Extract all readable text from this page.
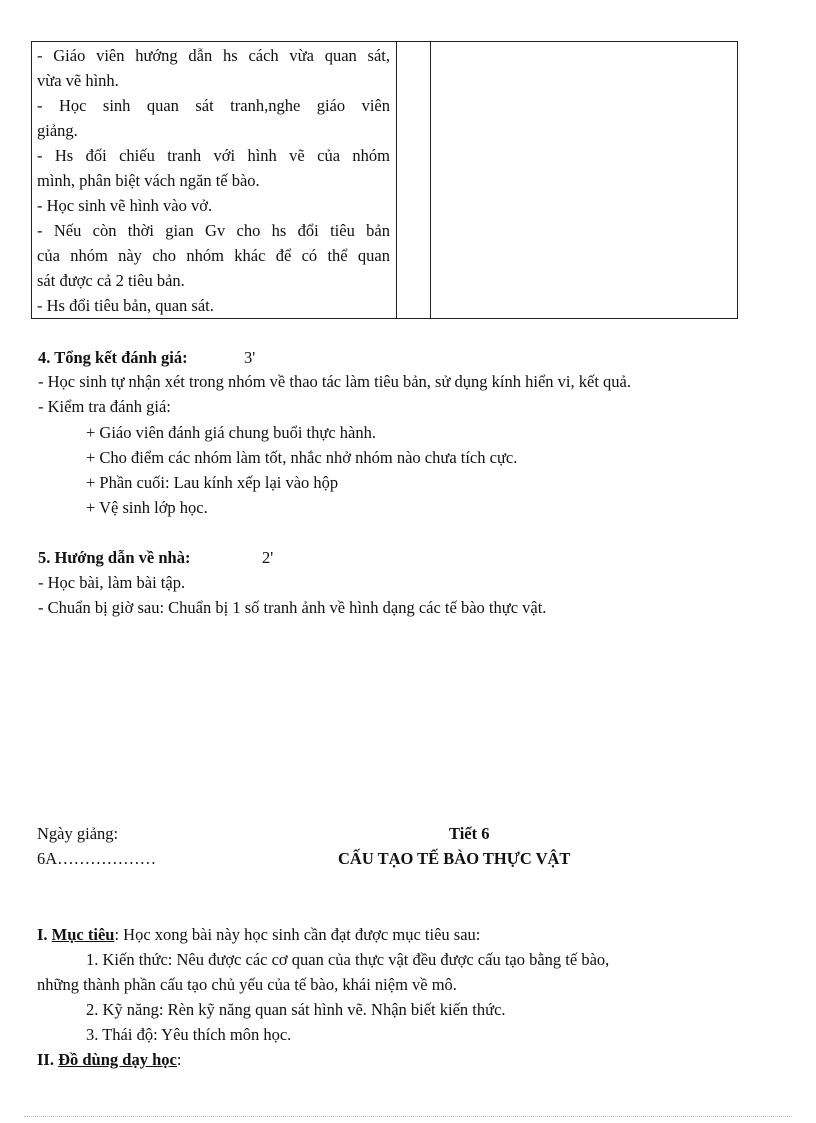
- Giáo viên hướng dẫn hs cách vừa quan sát,
vừa vẽ hình.
- Học sinh quan sát tranh,nghe giáo viên
giảng.
- Hs đối chiếu tranh với hình vẽ của nhóm
mình, phân biệt vách ngăn tế bào.
- Học sinh vẽ hình vào vở.
- Nếu còn thời gian Gv cho hs đổi tiêu bản
của nhóm này cho nhóm khác để có thể quan
sát được cả 2 tiêu bản.
- Hs đổi tiêu bản, quan sát.

4. Tổng kết đánh giá:	3'
- Học sinh tự nhận xét trong nhóm về thao tác làm tiêu bản, sử dụng kính hiển vi, kết quả.
- Kiểm tra đánh giá:
+ Giáo viên đánh giá chung buổi thực hành.
+ Cho điểm các nhóm làm tốt, nhắc nhở nhóm nào chưa tích cực.
+ Phần cuối: Lau kính xếp lại vào hộp
+ Vệ sinh lớp học.
5. Hướng dẫn về nhà:	2'
- Học bài, làm bài tập.
- Chuẩn bị giờ sau: Chuẩn bị 1 số tranh ảnh về hình dạng các tế bào thực vật.
Ngày giảng:	Tiết 6
6A………………	CẤU TẠO TẾ BÀO THỰC VẬT
I. Mục tiêu: Học xong bài này học sinh cần đạt được mục tiêu sau:
1. Kiến thức: Nêu được các cơ quan của thực vật đều được cấu tạo bằng tế bào,
những thành phần cấu tạo chủ yếu của tế bào, khái niệm về mô.
2. Kỹ năng: Rèn kỹ năng quan sát hình vẽ. Nhận biết kiến thức.
3. Thái độ: Yêu thích môn học.
II. Đồ dùng dạy học:
